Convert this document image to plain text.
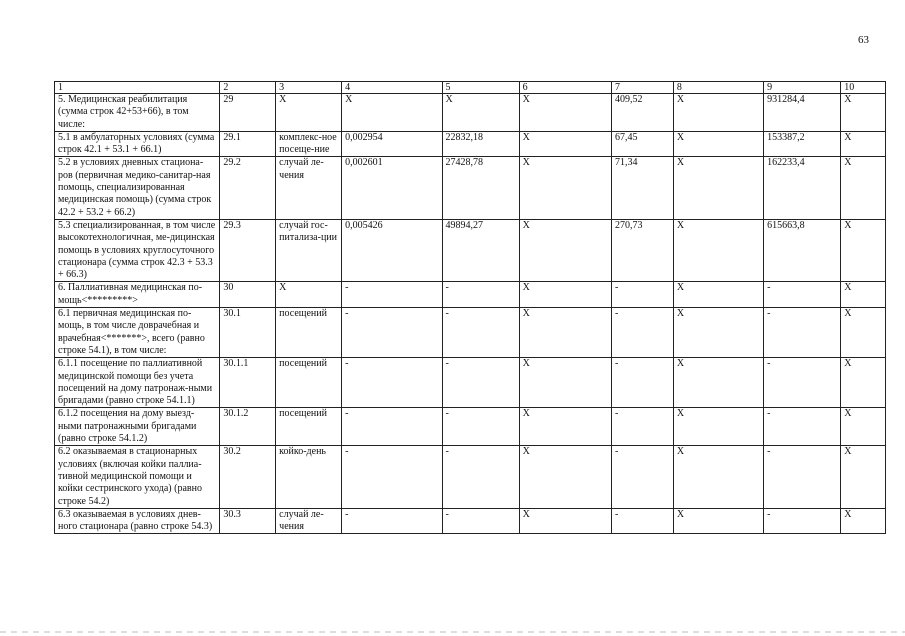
63
1	2	3	4	5	6	7	8	9	10
5. Медицинская реабилитация (сумма строк 42+53+66), в том числе:	29	X	X	X	X	409,52	X	931284,4	X
5.1 в амбулаторных условиях (сумма строк 42.1 + 53.1 + 66.1)	29.1	комплекс-ное посеще-ние	0,002954	22832,18	X	67,45	X	153387,2	X
5.2 в условиях дневных стациона-ров (первичная медико-санитар-ная помощь, специализированная медицинская помощь) (сумма строк 42.2 + 53.2 + 66.2)	29.2	случай ле-чения	0,002601	27428,78	X	71,34	X	162233,4	X
5.3 специализированная, в том числе высокотехнологичная, ме-дицинская помощь в условиях круглосуточного стационара (сумма строк 42.3 + 53.3 + 66.3)	29.3	случай гос-питализа-ции	0,005426	49894,27	X	270,73	X	615663,8	X
6. Паллиативная медицинская по-мощь<*********>	30	X	-	-	X	-	X	-	X
6.1 первичная медицинская по-мощь, в том числе доврачебная и врачебная<*******>, всего (равно строке 54.1), в том числе:	30.1	посещений	-	-	X	-	X	-	X
6.1.1 посещение по паллиативной медицинской помощи без учета посещений на дому патронаж-ными бригадами (равно строке 54.1.1)	30.1.1	посещений	-	-	X	-	X	-	X
6.1.2 посещения на дому выезд-ными патронажными бригадами (равно строке 54.1.2)	30.1.2	посещений	-	-	X	-	X	-	X
6.2 оказываемая в стационарных условиях (включая койки паллиа-тивной медицинской помощи и койки сестринского ухода) (равно строке 54.2)	30.2	койко-день	-	-	X	-	X	-	X
6.3 оказываемая в условиях днев-ного стационара (равно строке 54.3)	30.3	случай ле-чения	-	-	X	-	X	-	X
